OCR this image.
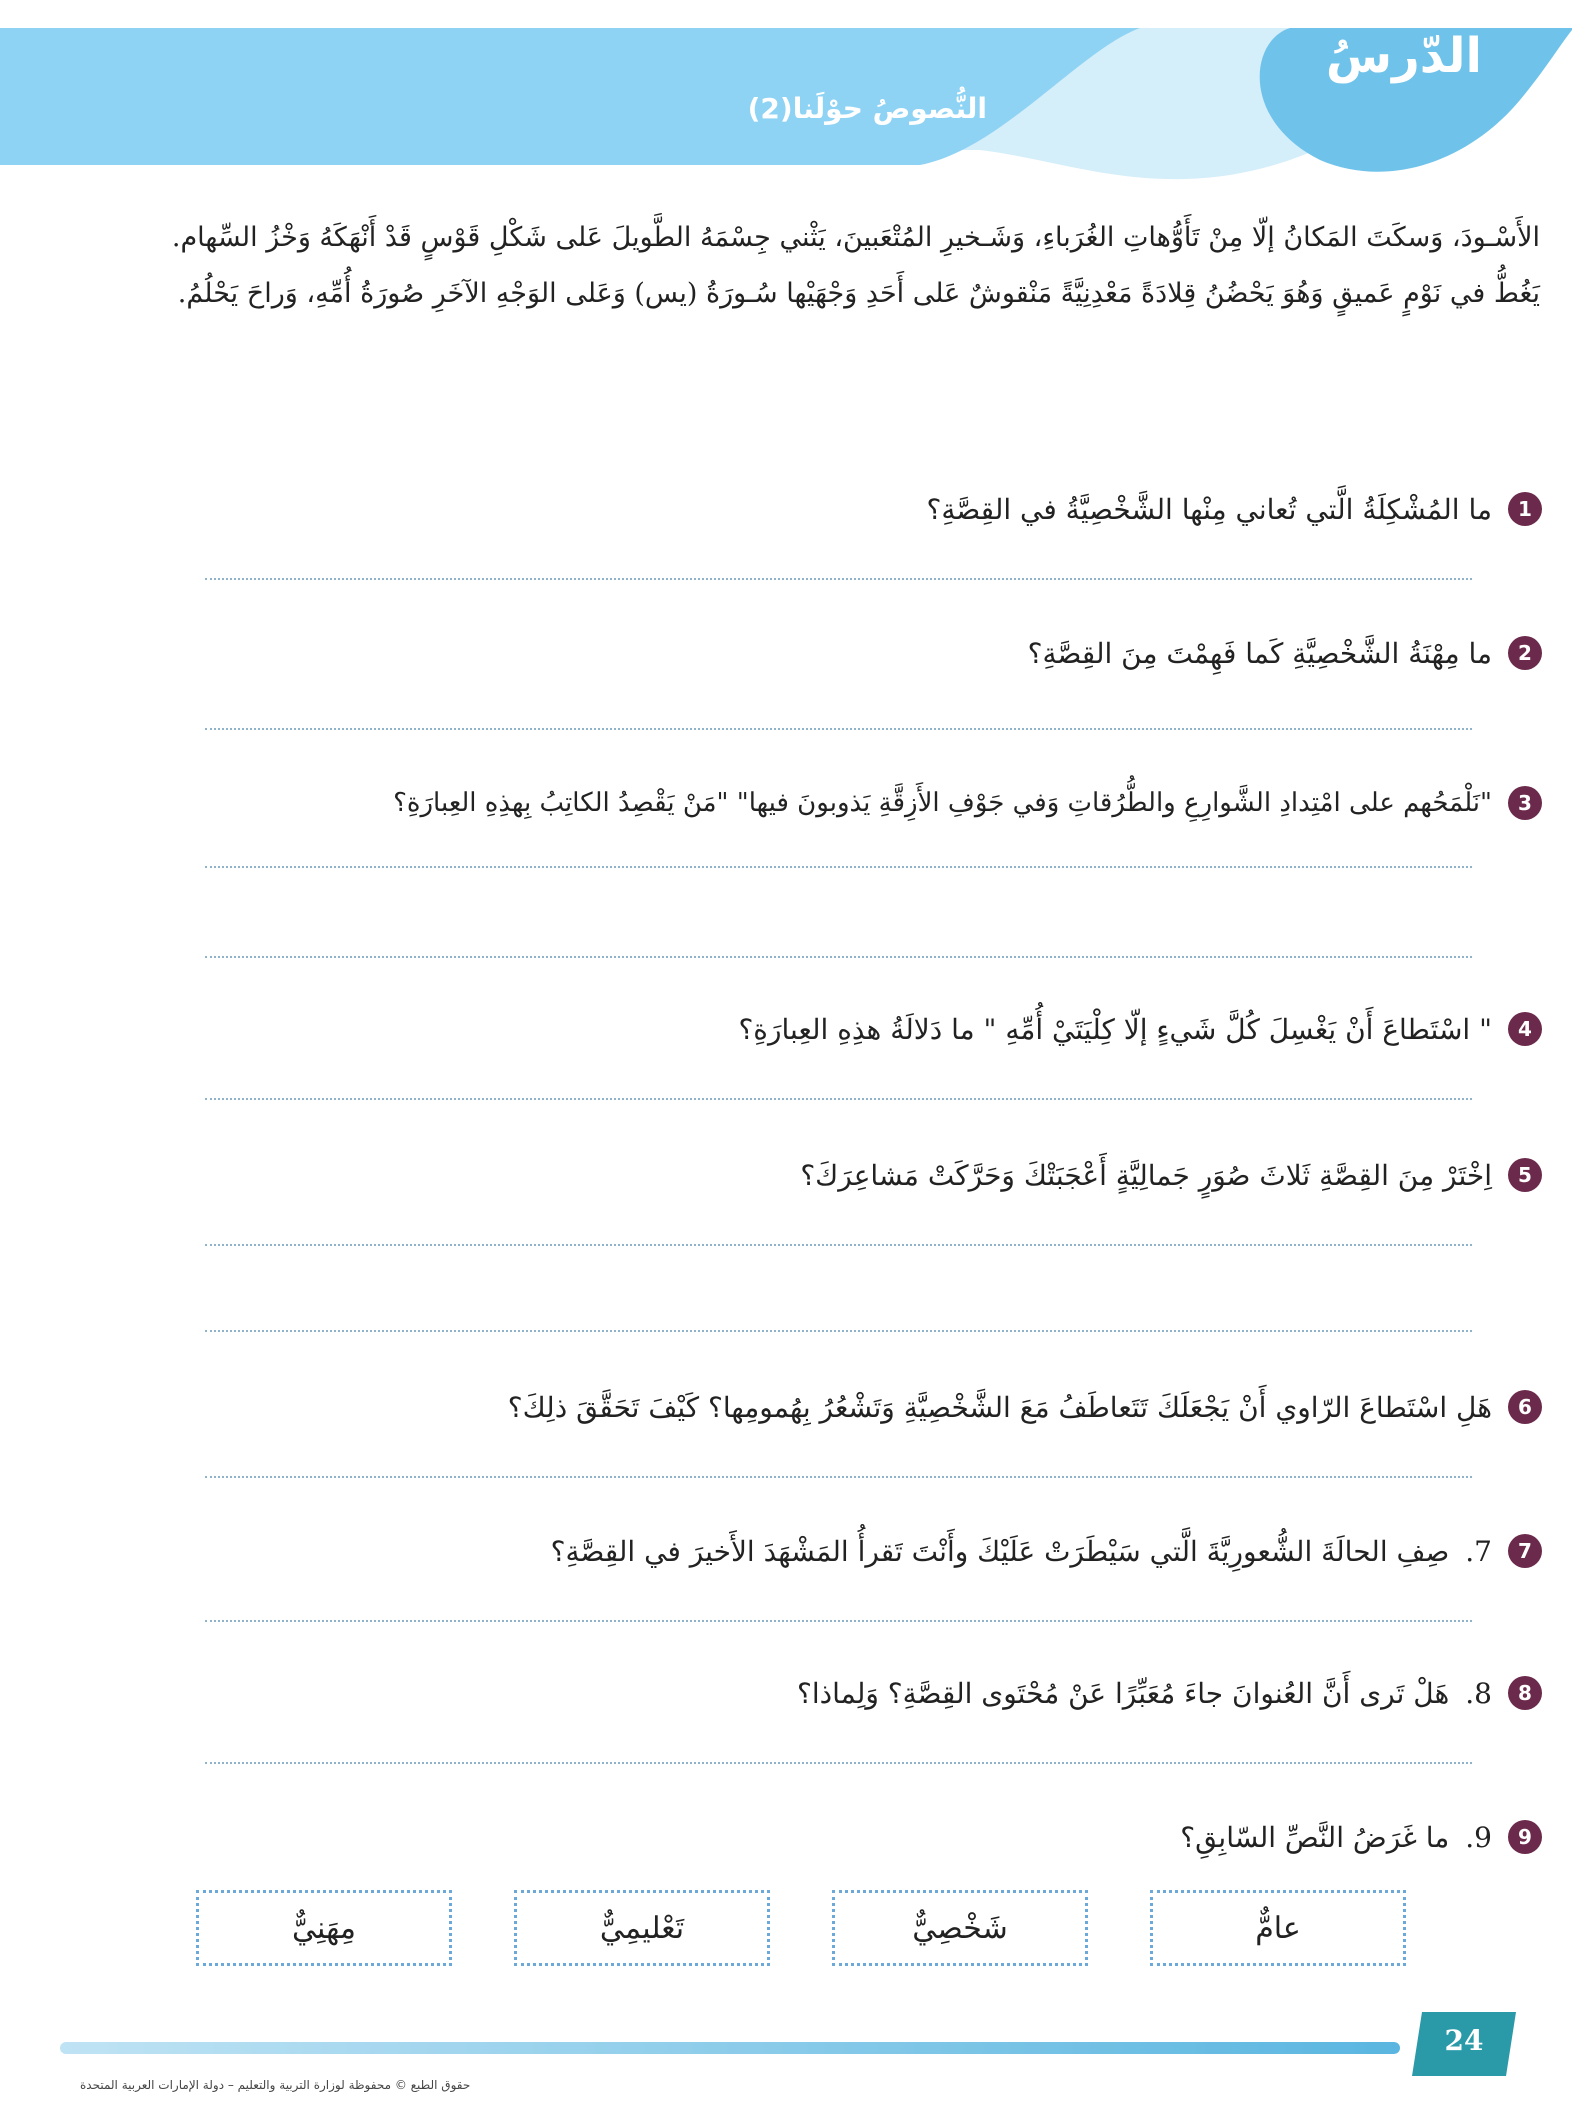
الدّرسُ
النُّصوصُ حوْلَنا(2)

الأَسْـودَ، وَسكَتَ المَكانُ إلّا مِنْ تَأَوُّهاتِ الغُرَباءِ، وَشَـخيرِ المُتْعَبينَ، يَثْني جِسْمَهُ الطَّويلَ عَلى شَكْلِ قَوْسٍ قَدْ أَنْهَكَهُ وَخْزُ السِّهام.

يَغُطُّ في نَوْمٍ عَميقٍ وَهُوَ يَحْضُنُ قِلادَةً مَعْدِنِيَّةً مَنْقوشٌ عَلى أَحَدِ وَجْهَيْها سُـورَةُ (يس) وَعَلى الوَجْهِ الآخَرِ صُورَةُ أُمِّهِ، وَراحَ يَحْلُمُ.

1
ما المُشْكِلَةُ الَّتي تُعاني مِنْها الشَّخْصِيَّةُ في القِصَّةِ؟
2
ما مِهْنَةُ الشَّخْصِيَّةِ كَما فَهِمْتَ مِنَ القِصَّةِ؟
3
"نَلْمَحُهم على امْتِدادِ الشَّوارِعِ والطُّرُقاتِ وَفي جَوْفِ الأَزِقَّةِ يَذوبونَ فيها" "مَنْ يَقْصِدُ الكاتِبُ بِهذِهِ العِبارَةِ؟
4
" اسْتَطاعَ أَنْ يَغْسِلَ كُلَّ شَيءٍ إلّا كِلْيَتَيْ أُمِّهِ " ما دَلالَةُ هذِهِ العِبارَةِ؟
5
اِخْتَرْ مِنَ القِصَّةِ ثَلاثَ صُوَرٍ جَمالِيَّةٍ أَعْجَبَتْكَ وَحَرَّكَتْ مَشاعِرَكَ؟
6
هَلِ اسْتَطاعَ الرّاوي أَنْ يَجْعَلَكَ تَتَعاطَفُ مَعَ الشَّخْصِيَّةِ وَتَشْعُرُ بِهُمومِها؟ كَيْفَ تَحَقَّقَ ذلِكَ؟
7
7.
صِفِ الحالَةَ الشُّعورِيَّةَ الَّتي سَيْطَرَتْ عَلَيْكَ وأَنْتَ تَقرأُ المَشْهَدَ الأَخيرَ في القِصَّةِ؟
8
8.
هَلْ تَرى أَنَّ العُنوانَ جاءَ مُعَبِّرًا عَنْ مُحْتَوى القِصَّةِ؟ وَلِماذا؟
9
9.
ما غَرَضُ النَّصِّ السّابِقِ؟
عامٌّ
شَخْصِيٌّ
تَعْليمِيٌّ
مِهَنِيٌّ
24
حقوق الطبع © محفوظة لوزارة التربية والتعليم – دولة الإمارات العربية المتحدة
